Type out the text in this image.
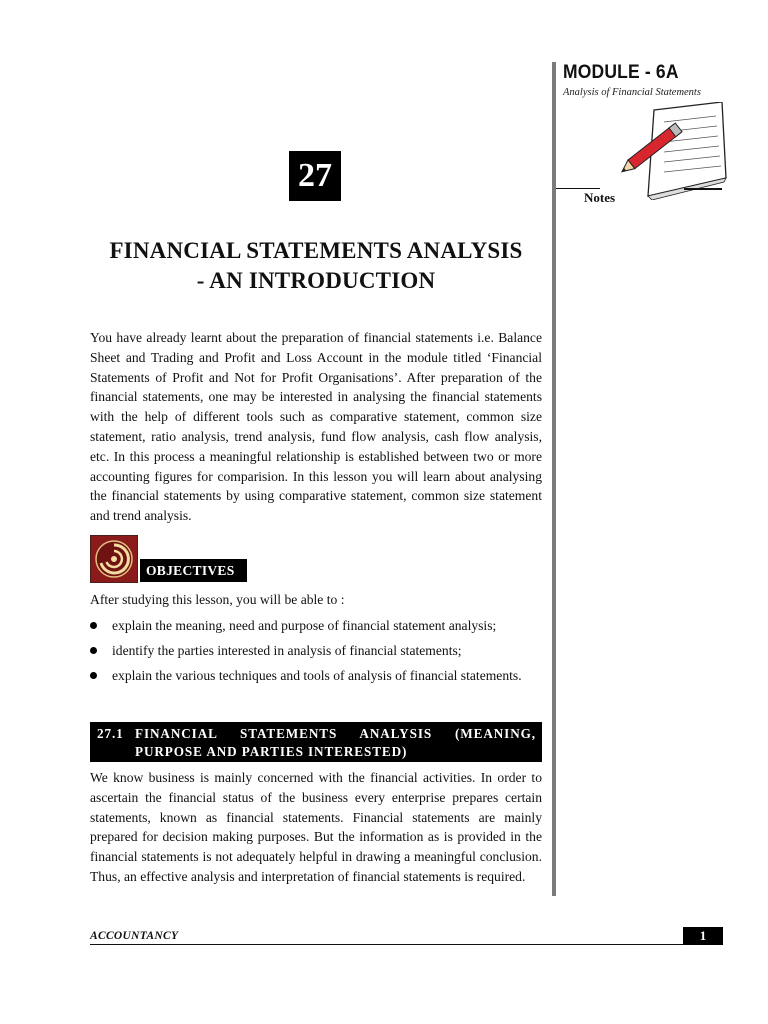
MODULE - 6A
Analysis of Financial Statements
Notes
27
FINANCIAL STATEMENTS ANALYSIS
- AN INTRODUCTION
You have already learnt about the preparation of financial statements i.e. Balance Sheet and Trading and Profit and Loss Account in the module titled ‘Financial Statements of Profit and Not for Profit Organisations’. After preparation of the financial statements, one may be interested in analysing the financial statements with the help of different tools such as comparative statement, common size statement, ratio analysis, trend analysis, fund flow analysis, cash flow analysis, etc. In this process a meaningful relationship is established between two or more accounting figures for comparision. In this lesson you will learn about analysing the financial statements by using comparative statement, common size statement and trend analysis.
OBJECTIVES
After studying this lesson, you will be able to :
explain the meaning, need and purpose of financial statement analysis;
identify the parties interested in analysis of financial statements;
explain the various techniques and tools of analysis of financial statements.
27.1 FINANCIAL STATEMENTS ANALYSIS (MEANING, PURPOSE AND PARTIES INTERESTED)
We know business is mainly concerned with the financial activities. In order to ascertain the financial status of the business every enterprise prepares certain statements, known as financial statements. Financial statements are mainly prepared for decision making purposes. But the information as is provided in the financial statements is not adequately helpful in drawing a meaningful conclusion. Thus, an effective analysis and interpretation of financial statements is required.
ACCOUNTANCY	1
